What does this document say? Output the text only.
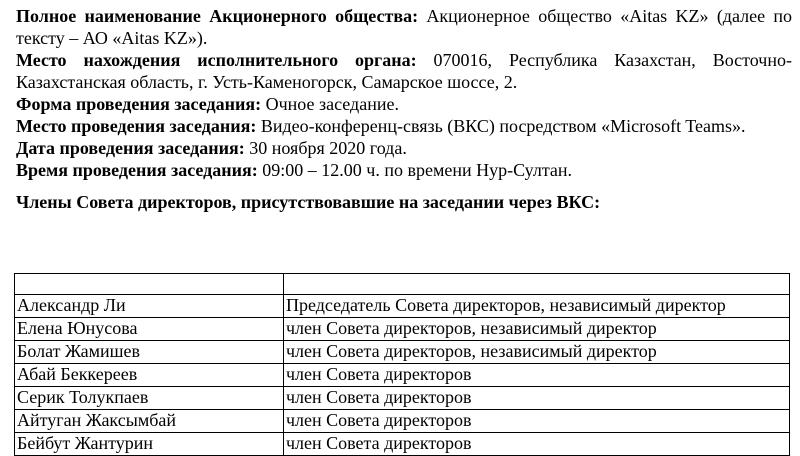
Полное наименование Акционерного общества: Акционерное общество «Aitas KZ» (далее по тексту – АО «Aitas KZ»).

Место нахождения исполнительного органа: 070016, Республика Казахстан, Восточно-Казахстанская область, г. Усть-Каменогорск, Самарское шоссе, 2.

Форма проведения заседания: Очное заседание.

Место проведения заседания: Видео-конференц-связь (ВКС) посредством «Microsoft Teams».

Дата проведения заседания: 30 ноября 2020 года.

Время проведения заседания: 09:00 – 12.00 ч. по времени Нур-Султан.

Члены Совета директоров, присутствовавшие на заседании через ВКС:

Александр Ли	Председатель Совета директоров, независимый директор
Елена Юнусова	член Совета директоров, независимый директор
Болат Жамишев	член Совета директоров, независимый директор
Абай Беккереев	член Совета директоров
Серик Толукпаев	член Совета директоров
Айтуган Жаксымбай	член Совета директоров
Бейбут Жантурин	член Совета директоров
